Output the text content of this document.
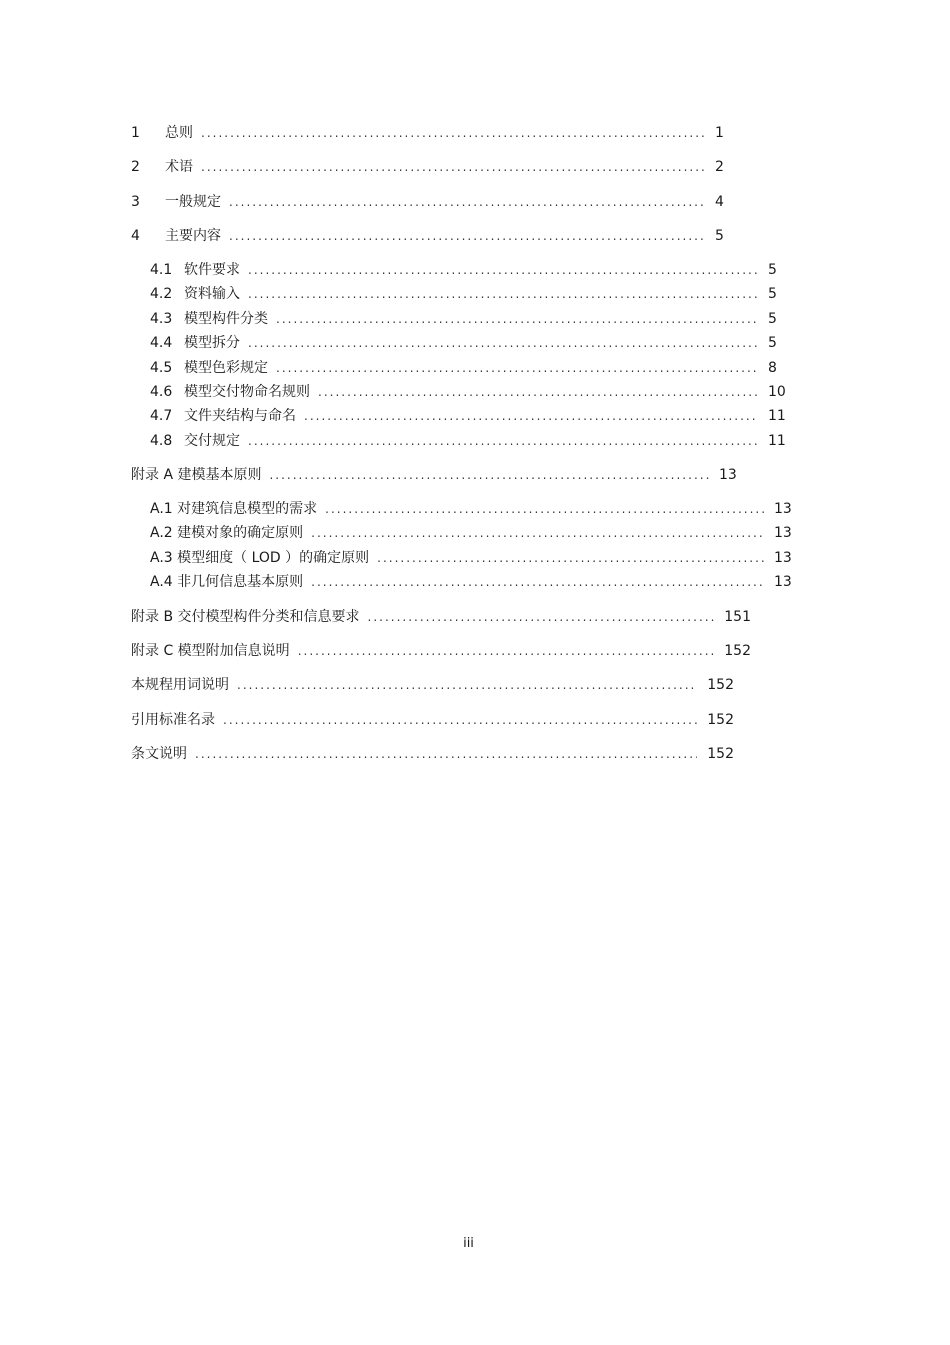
1	总则 .....	1
2	术语 .....	2
3	一般规定 .....	4
4	主要内容 .....	5
4.1 软件要求 .....	5
4.2 资料输入 .....	5
4.3 模型构件分类 .....	5
4.4 模型拆分 .....	5
4.5 模型色彩规定 .....	8
4.6 模型交付物命名规则 .....	10
4.7 文件夹结构与命名 .....	11
4.8 交付规定 .....	11
附录 A 建模基本原则 .....	13
A.1 对建筑信息模型的需求 .....	13
A.2 建模对象的确定原则 .....	13
A.3 模型细度（ LOD ）的确定原则 .....	13
A.4 非几何信息基本原则 .....	13
附录 B 交付模型构件分类和信息要求 .....	151
附录 C 模型附加信息说明 .....	152
本规程用词说明 .....	152
引用标准名录 .....	152
条文说明 .....	152
iii
